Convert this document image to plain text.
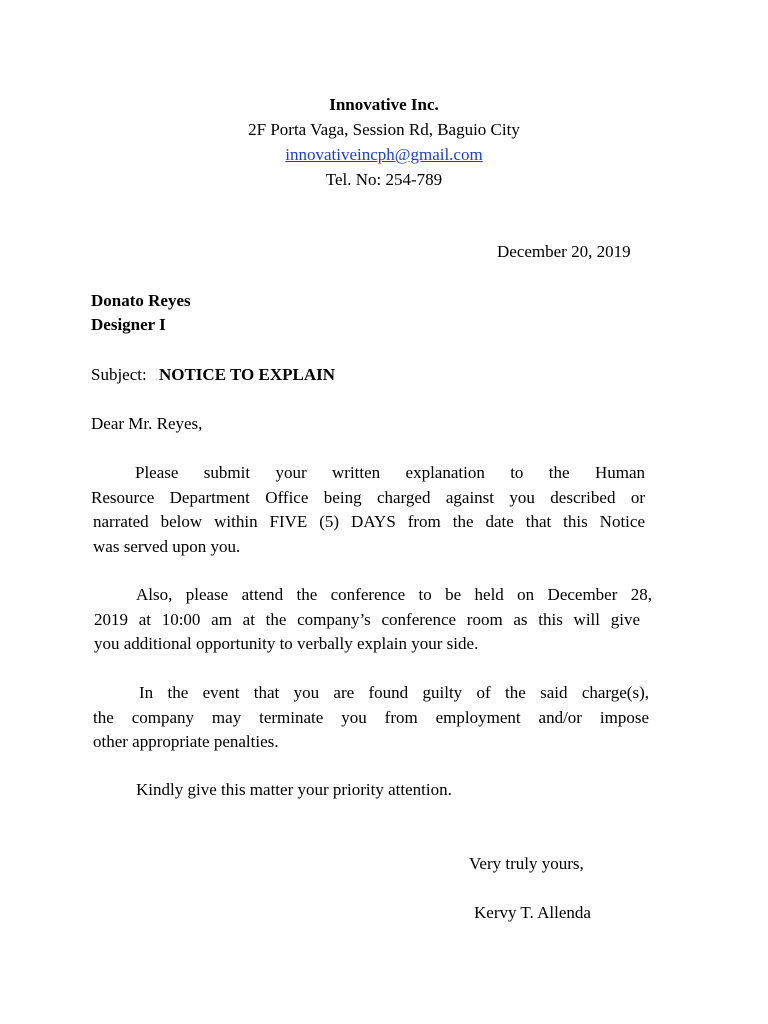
Innovative Inc.
2F Porta Vaga, Session Rd, Baguio City
innovativeincph@gmail.com
Tel. No: 254-789
December 20, 2019
Donato Reyes
Designer I
Subject: NOTICE TO EXPLAIN
Dear Mr. Reyes,
Please submit your written explanation to the Human
Resource Department Office being charged against you described or
narrated below within FIVE (5) DAYS from the date that this Notice
was served upon you.
Also, please attend the conference to be held on December 28,
2019 at 10:00 am at the company’s conference room as this will give
you additional opportunity to verbally explain your side.
In the event that you are found guilty of the said charge(s),
the company may terminate you from employment and/or impose
other appropriate penalties.
Kindly give this matter your priority attention.
Very truly yours,
Kervy T. Allenda
